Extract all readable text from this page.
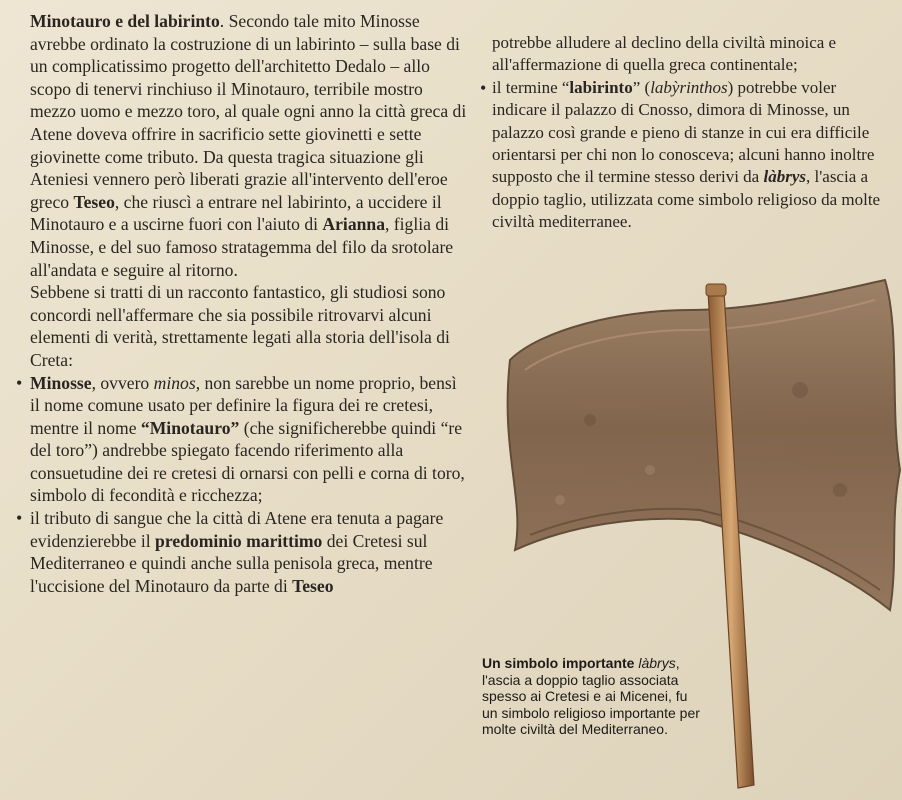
Minotauro e del labirinto. Secondo tale mito Minosse avrebbe ordinato la costruzione di un labirinto – sulla base di un complicatissimo progetto dell'architetto Dedalo – allo scopo di tenervi rinchiuso il Minotauro, terribile mostro mezzo uomo e mezzo toro, al quale ogni anno la città greca di Atene doveva offrire in sacrificio sette giovinetti e sette giovinette come tributo. Da questa tragica situazione gli Ateniesi vennero però liberati grazie all'intervento dell'eroe greco Teseo, che riuscì a entrare nel labirinto, a uccidere il Minotauro e a uscirne fuori con l'aiuto di Arianna, figlia di Minosse, e del suo famoso stratagemma del filo da srotolare all'andata e seguire al ritorno.

Sebbene si tratti di un racconto fantastico, gli studiosi sono concordi nell'affermare che sia possibile ritrovarvi alcuni elementi di verità, strettamente legati alla storia dell'isola di Creta:

• Minosse, ovvero minos, non sarebbe un nome proprio, bensì il nome comune usato per definire la figura dei re cretesi, mentre il nome “Minotauro” (che significherebbe quindi “re del toro”) andrebbe spiegato facendo riferimento alla consuetudine dei re cretesi di ornarsi con pelli e corna di toro, simbolo di fecondità e ricchezza;

• il tributo di sangue che la città di Atene era tenuta a pagare evidenzierebbe il predominio marittimo dei Cretesi sul Mediterraneo e quindi anche sulla penisola greca, mentre l'uccisione del Minotauro da parte di Teseo

potrebbe alludere al declino della civiltà minoica e all'affermazione di quella greca continentale;

• il termine “labirinto” (labỳrinthos) potrebbe voler indicare il palazzo di Cnosso, dimora di Minosse, un palazzo così grande e pieno di stanze in cui era difficile orientarsi per chi non lo conosceva; alcuni hanno inoltre supposto che il termine stesso derivi da làbrys, l'ascia a doppio taglio, utilizzata come simbolo religioso da molte civiltà mediterranee.

Un simbolo importante làbrys, l'ascia a doppio taglio associata spesso ai Cretesi e ai Micenei, fu un simbolo religioso importante per molte civiltà del Mediterraneo.
